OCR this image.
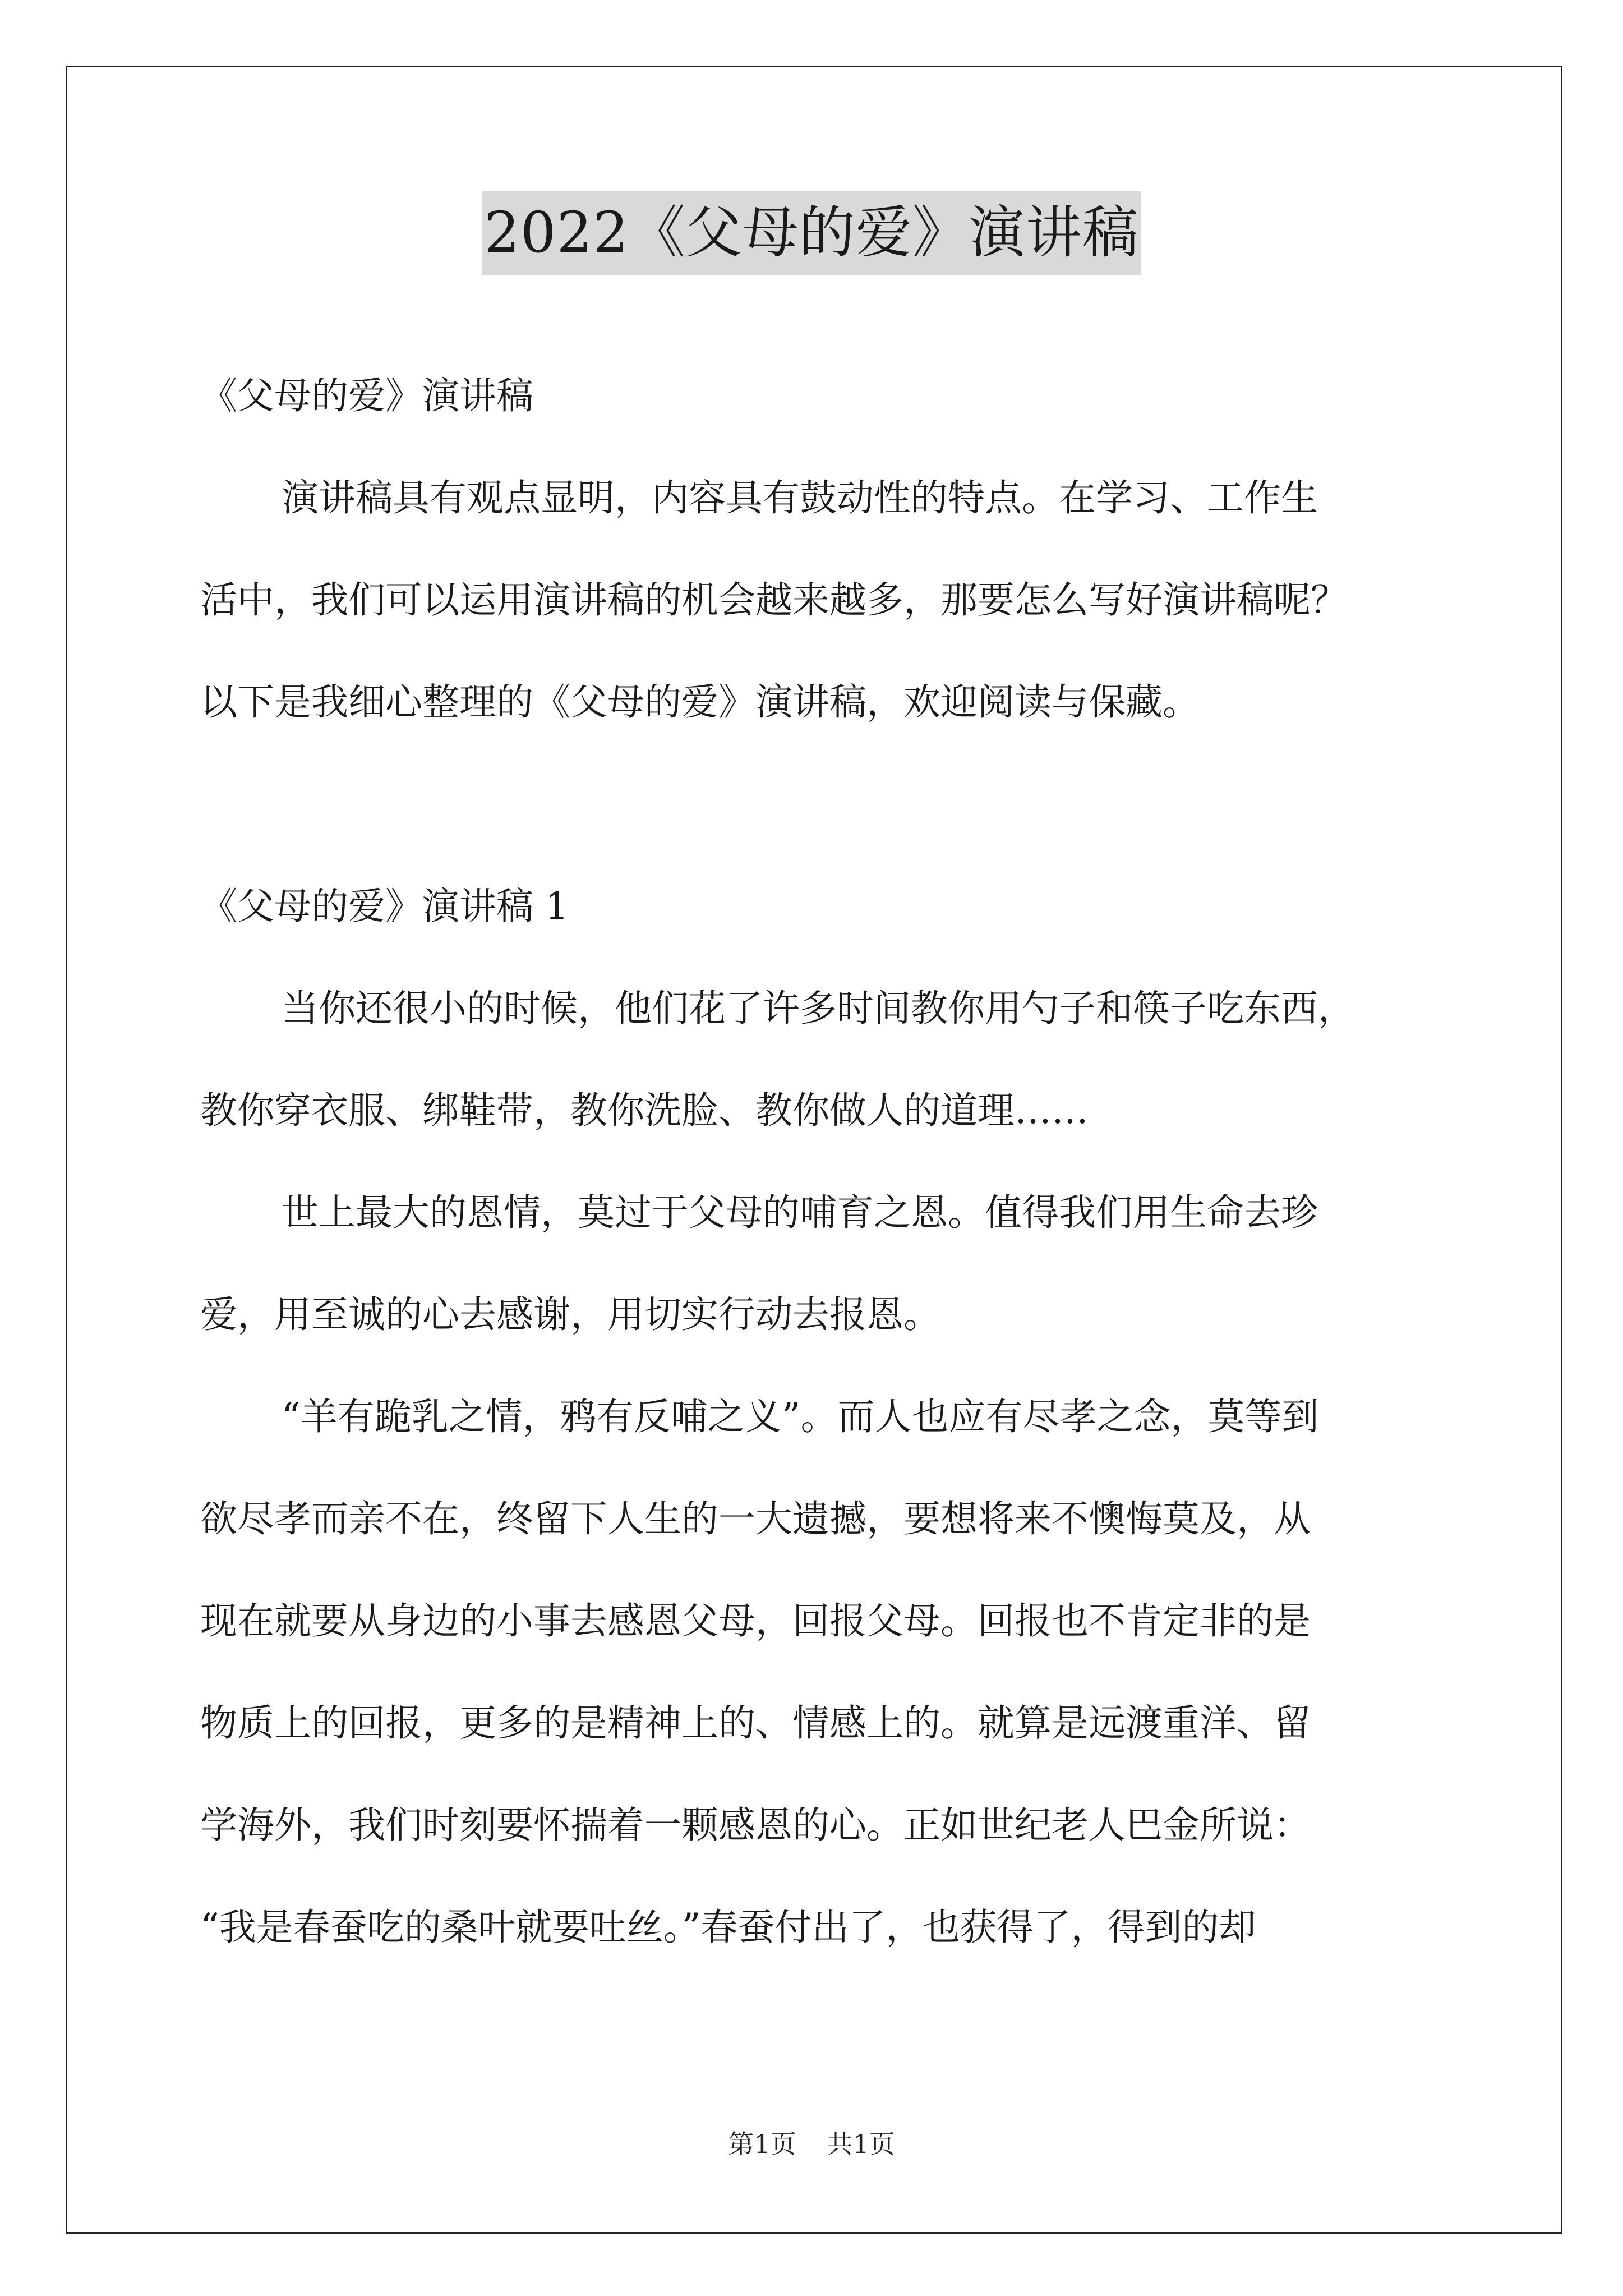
2022《父母的爱》演讲稿

《父母的爱》演讲稿

演讲稿具有观点显明，内容具有鼓动性的特点。在学习、工作生

活中，我们可以运用演讲稿的机会越来越多，那要怎么写好演讲稿呢？

以下是我细心整理的《父母的爱》演讲稿，欢迎阅读与保藏。

《父母的爱》演讲稿 1

当你还很小的时候，他们花了许多时间教你用勺子和筷子吃东西，

教你穿衣服、绑鞋带，教你洗脸、教你做人的道理……

世上最大的恩情，莫过于父母的哺育之恩。值得我们用生命去珍

爱，用至诚的心去感谢，用切实行动去报恩。

“羊有跪乳之情，鸦有反哺之义”。而人也应有尽孝之念，莫等到

欲尽孝而亲不在，终留下人生的一大遗撼，要想将来不懊悔莫及，从

现在就要从身边的小事去感恩父母，回报父母。回报也不肯定非的是

物质上的回报，更多的是精神上的、情感上的。就算是远渡重洋、留

学海外，我们时刻要怀揣着一颗感恩的心。正如世纪老人巴金所说：

“我是春蚕吃的桑叶就要吐丝。”春蚕付出了，也获得了，得到的却

第1页 共1页
